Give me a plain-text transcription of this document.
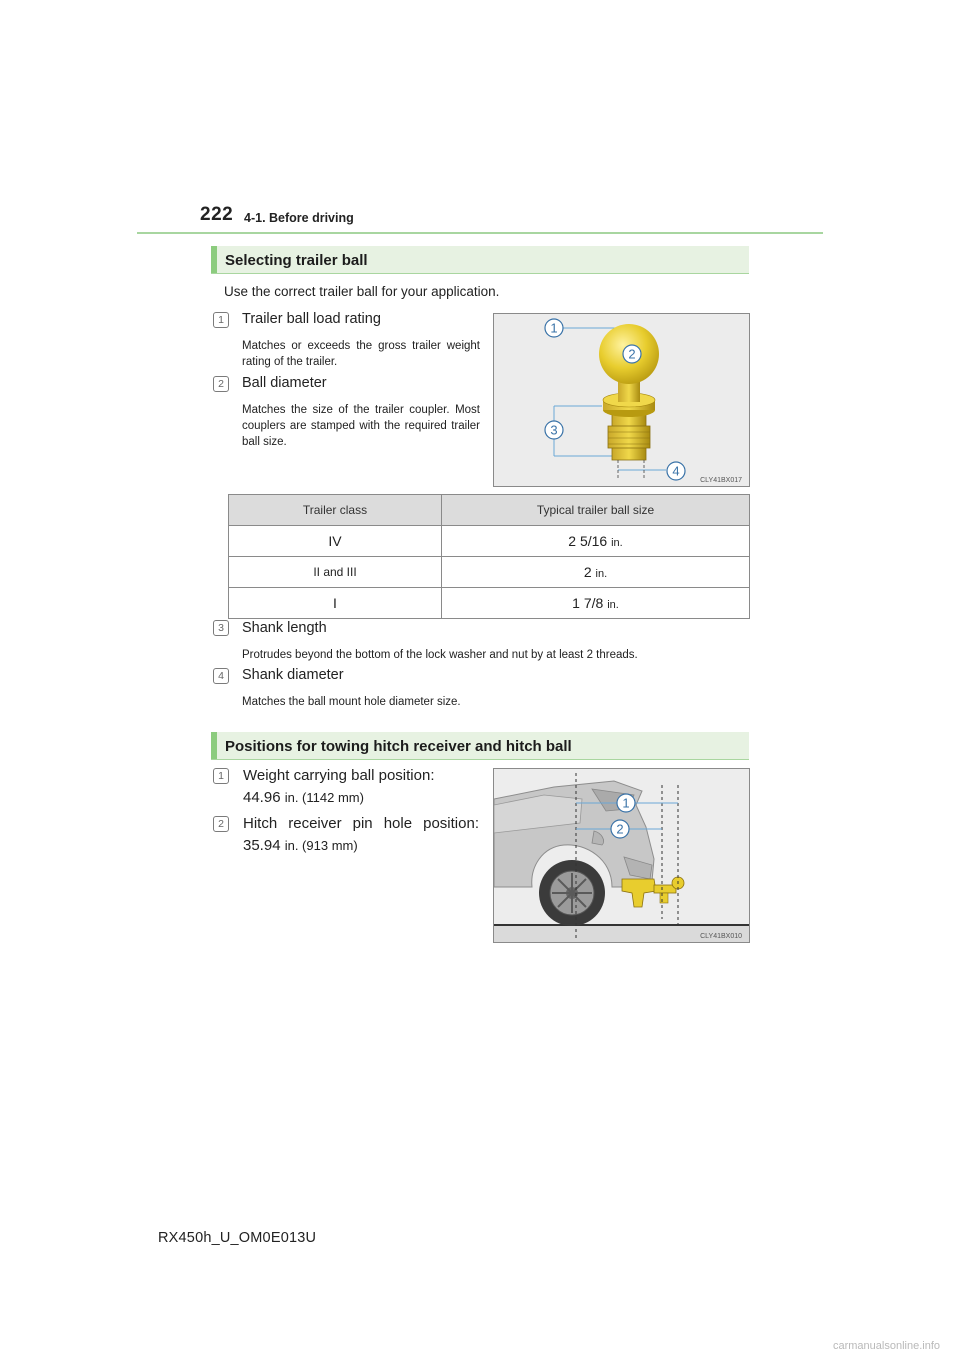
222 4-1. Before driving
Selecting trailer ball
Use the correct trailer ball for your application.
1	Trailer ball load rating
Matches or exceeds the gross trailer weight rating of the trailer.
2	Ball diameter
Matches the size of the trailer coupler. Most couplers are stamped with the required trailer ball size.
1
2
3
4
CLY41BX017
Trailer class	Typical trailer ball size
IV	2 5/16 in.
II and III	2 in.
I	1 7/8 in.
3	Shank length
Protrudes beyond the bottom of the lock washer and nut by at least 2 threads.
4	Shank diameter
Matches the ball mount hole diameter size.
Positions for towing hitch receiver and hitch ball
1	Weight carrying ball position:
44.96 in. (1142 mm)
2	Hitch receiver pin hole position:
35.94 in. (913 mm)
1
2
CLY41BX010
RX450h_U_OM0E013U
carmanualsonline.info
